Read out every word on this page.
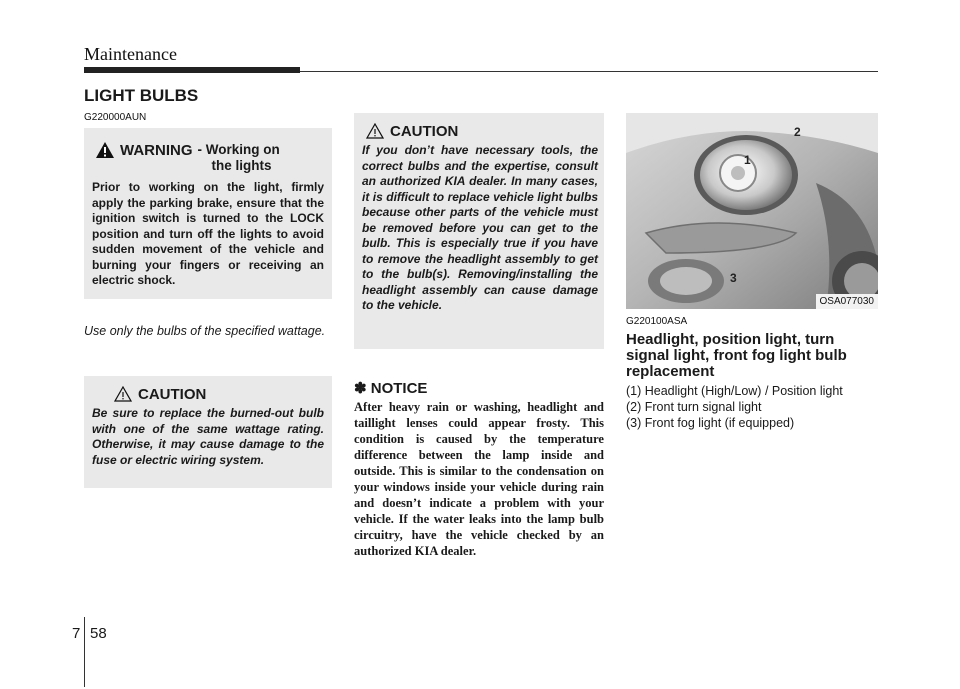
Maintenance
LIGHT BULBS
G220000AUN
WARNING - Working on
the lights
Prior to working on the light, firmly apply the parking brake, ensure that the ignition switch is turned to the LOCK position and turn off the lights to avoid sudden movement of the vehicle and burning your fingers or receiving an electric shock.
Use only the bulbs of the specified wattage.
CAUTION
Be sure to replace the burned-out bulb with one of the same wattage rating. Otherwise, it may cause damage to the fuse or electric wiring system.
CAUTION
If you don’t have necessary tools, the correct bulbs and the expertise, consult an authorized KIA dealer. In many cases, it is difficult to replace vehicle light bulbs because other parts of the vehicle must be removed before you can get to the bulb. This is especially true if you have to remove the headlight assembly to get to the bulb(s). Removing/installing the headlight assembly can cause damage to the vehicle.
✽ NOTICE
After heavy rain or washing, headlight and taillight lenses could appear frosty. This condition is caused by the temperature difference between the lamp inside and outside. This is similar to the condensation on your windows inside your vehicle during rain and doesn’t indicate a problem with your vehicle. If the water leaks into the lamp bulb circuitry, have the vehicle checked by an authorized KIA dealer.
2
1
3
OSA077030
G220100ASA
Headlight, position light, turn signal light, front fog light bulb replacement
(1) Headlight (High/Low) / Position light
(2) Front turn signal light
(3) Front fog light (if equipped)
7 58
